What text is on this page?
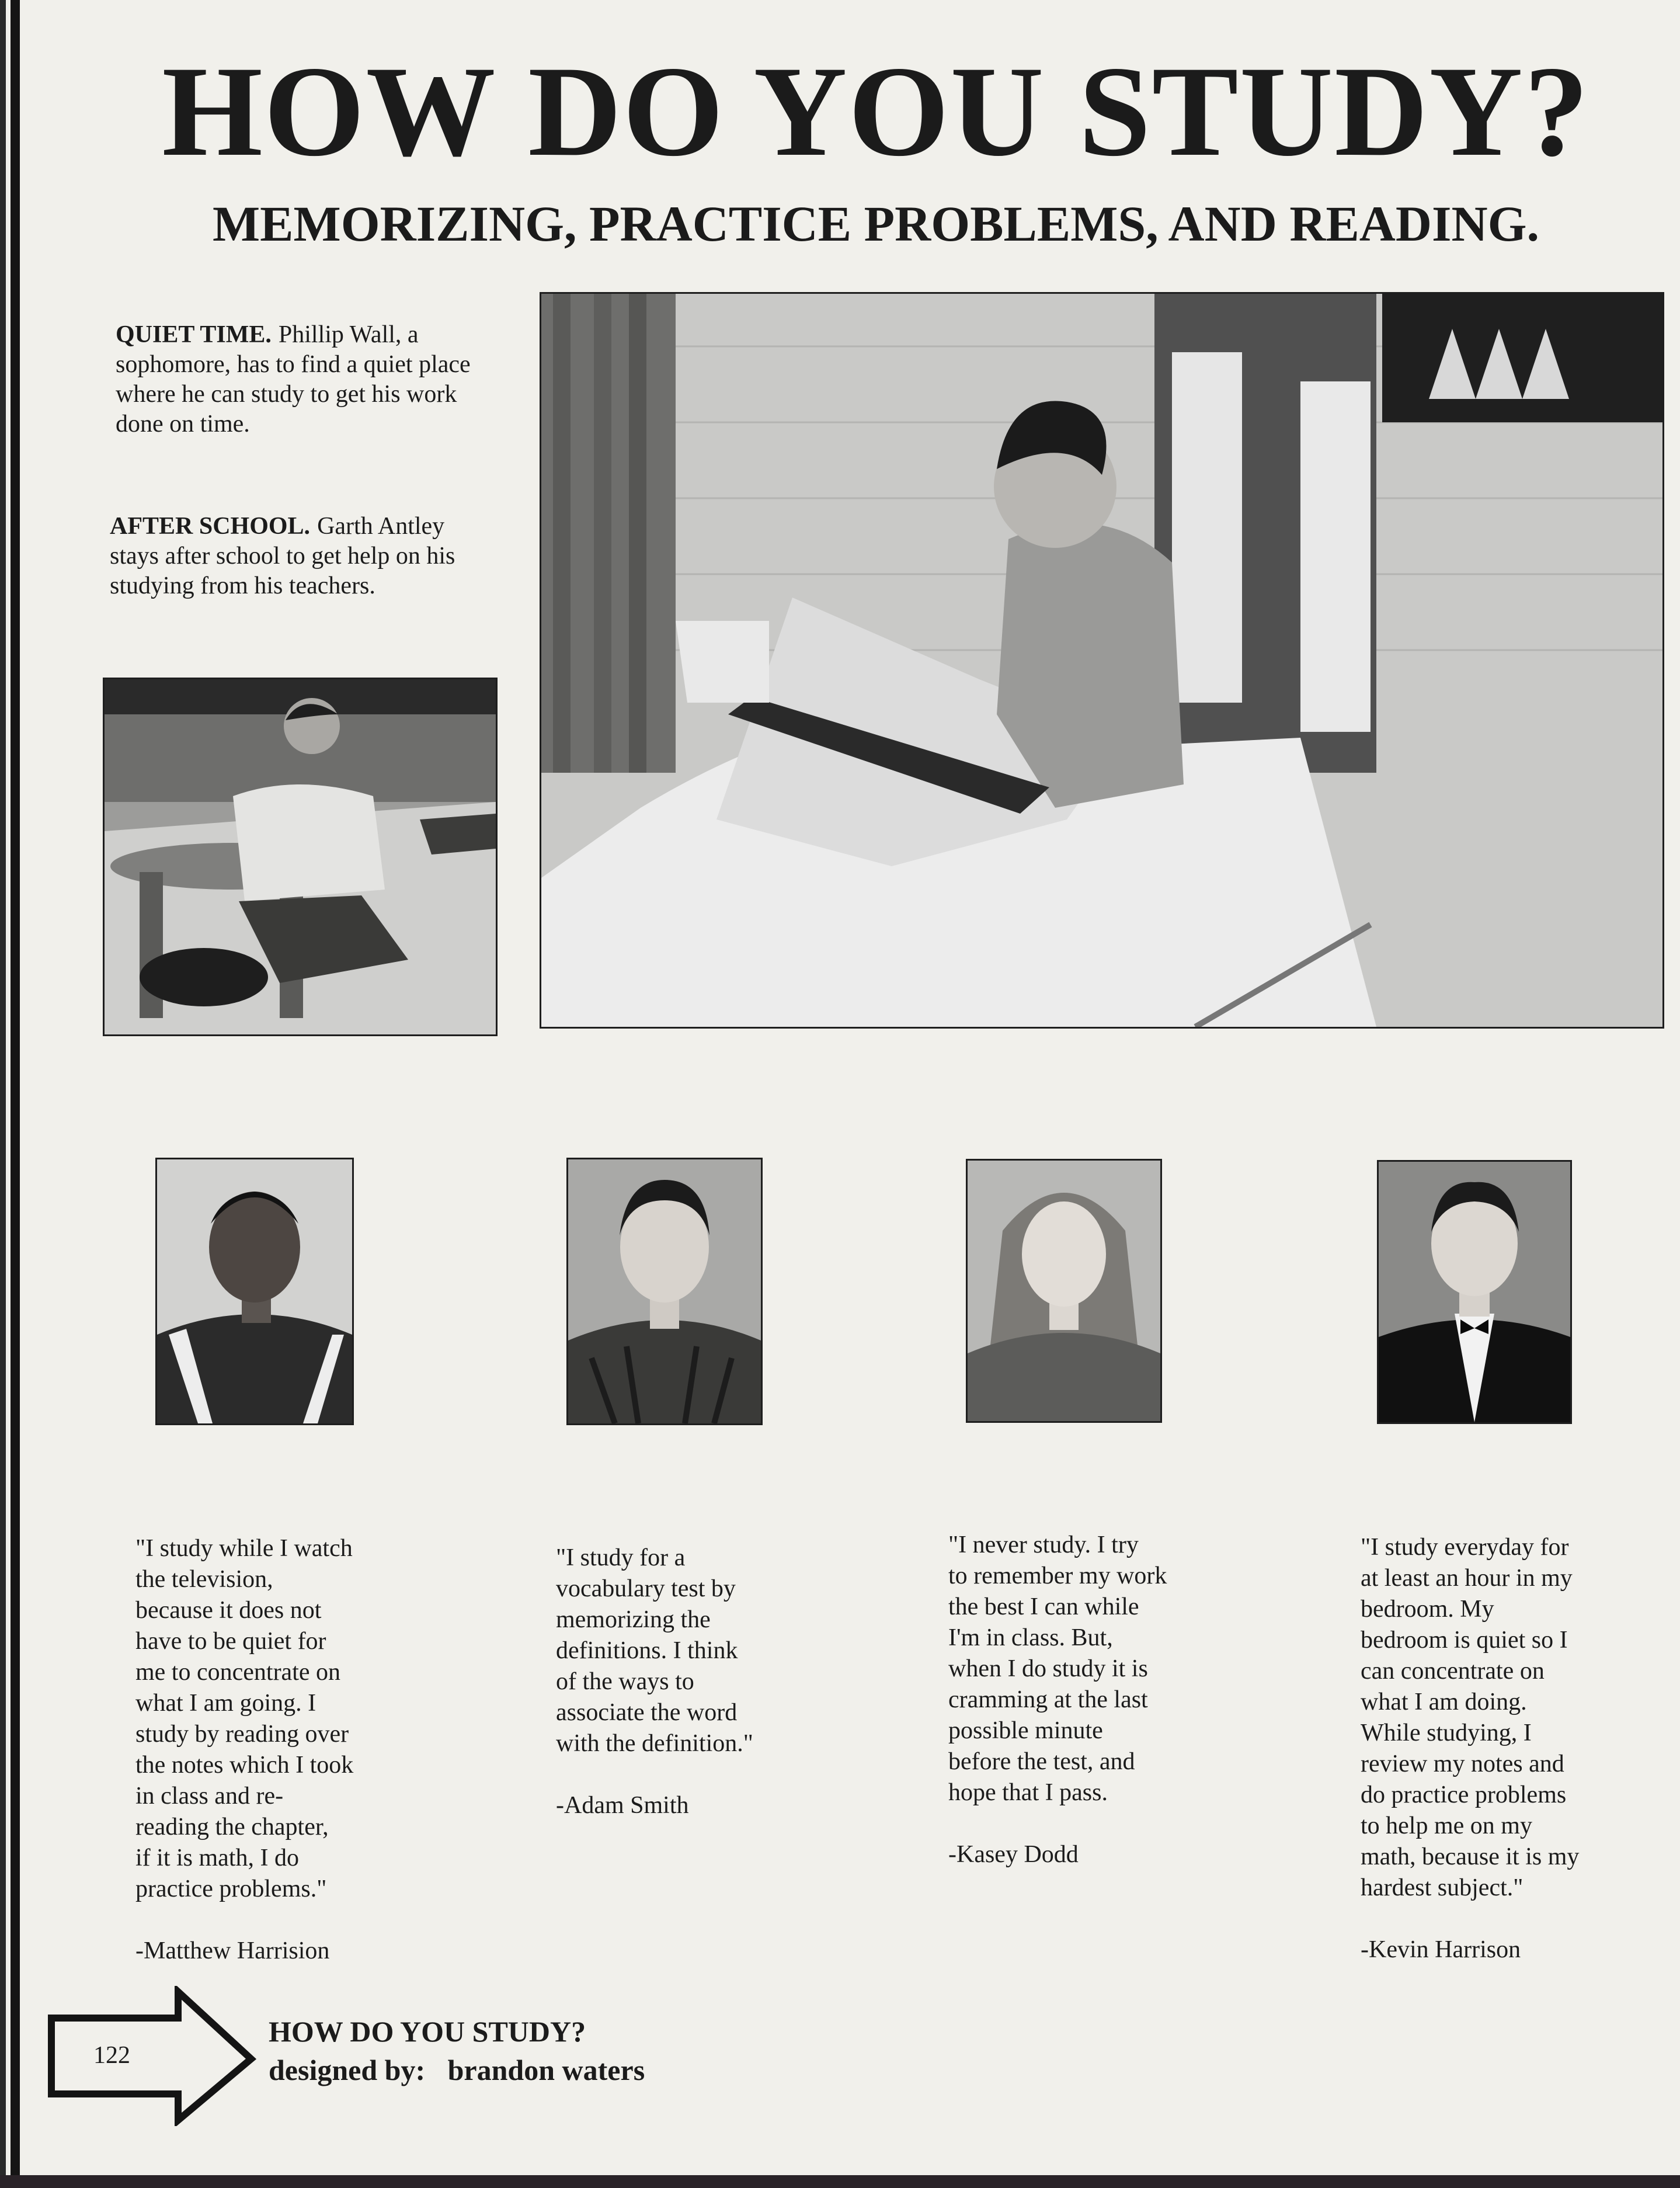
HOW DO YOU STUDY?
MEMORIZING, PRACTICE PROBLEMS, AND READING.
QUIET TIME. Phillip Wall, a sophomore, has to find a quiet place where he can study to get his work done on time.
AFTER SCHOOL. Garth Antley stays after school to get help on his studying from his teachers.

"I study while I watch
the television,
because it does not
have to be quiet for
me to concentrate on
what I am going. I
study by reading over
the notes which I took
in class and re-
reading the chapter,
if it is math, I do
practice problems."

-Matthew Harrision

"I study for a
vocabulary test by
memorizing the
definitions. I think
of the ways to
associate the word
with the definition."

-Adam Smith

"I never study. I try
to remember my work
the best I can while
I'm in class. But,
when I do study it is
cramming at the last
possible minute
before the test, and
hope that I pass.

-Kasey Dodd

"I study everyday for
at least an hour in my
bedroom. My
bedroom is quiet so I
can concentrate on
what I am doing.
While studying, I
review my notes and
do practice problems
to help me on my
math, because it is my
hardest subject."

-Kevin Harrison

122
HOW DO YOU STUDY?
designed by: brandon waters
